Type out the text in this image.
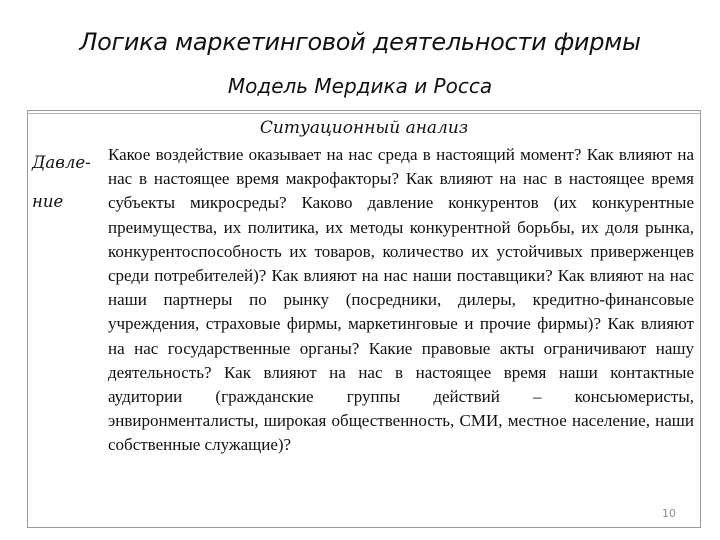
Логика маркетинговой деятельности фирмы
Модель Мердика и Росса
Ситуационный анализ
Давле-
ние
Какое воздействие оказывает на нас среда в настоящий момент? Как влияют на нас в настоящее время макрофакторы? Как влияют на нас в настоящее время субъекты микросреды? Каково давление конкурентов (их конкурентные преимущества, их политика, их методы конкурентной борьбы, их доля рынка, конкурентоспособность их товаров, количество их устойчивых приверженцев среди потребителей)? Как влияют на нас наши поставщики? Как влияют на нас наши партнеры по рынку (посредники, дилеры, кредитно-финансовые учреждения, страховые фирмы, маркетинговые и прочие фирмы)? Как влияют на нас государственные органы? Какие правовые акты ограничивают нашу деятельность? Как влияют на нас в настоящее время наши контактные аудитории (гражданские группы действий – консьюмеристы, энвиронменталисты, широкая общественность, СМИ, местное население, наши собственные служащие)?
10
